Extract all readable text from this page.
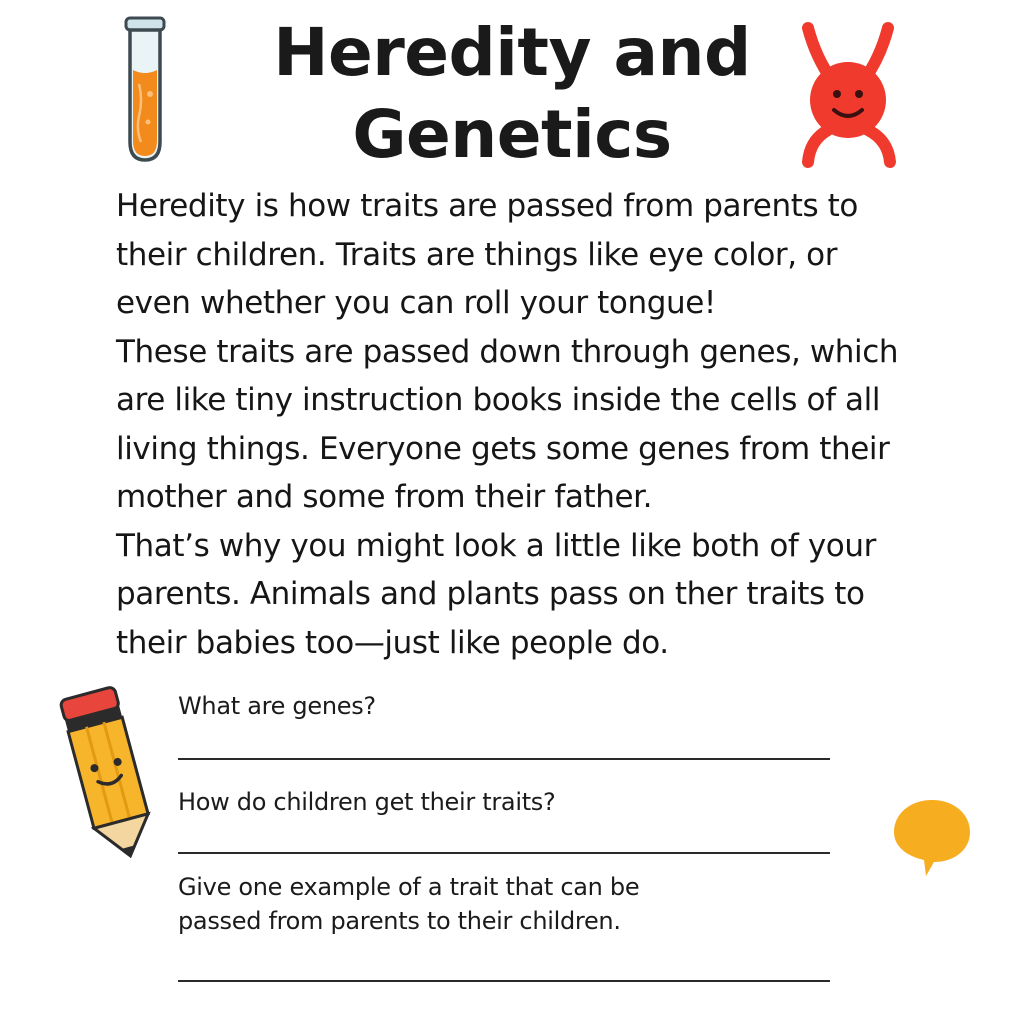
Heredity and
Genetics
Heredity is how traits are passed from parents to
their children. Traits are things like eye color, or
even whether you can roll your tongue!
These traits are passed down through genes, which
are like tiny instruction books inside the cells of all
living things. Everyone gets some genes from their
mother and some from their father.
That’s why you might look a little like both of your
parents. Animals and plants pass on ther traits to
their babies too—just like people do.
What are genes?
How do children get their traits?
Give one example of a trait that can be
passed from parents to their children.
